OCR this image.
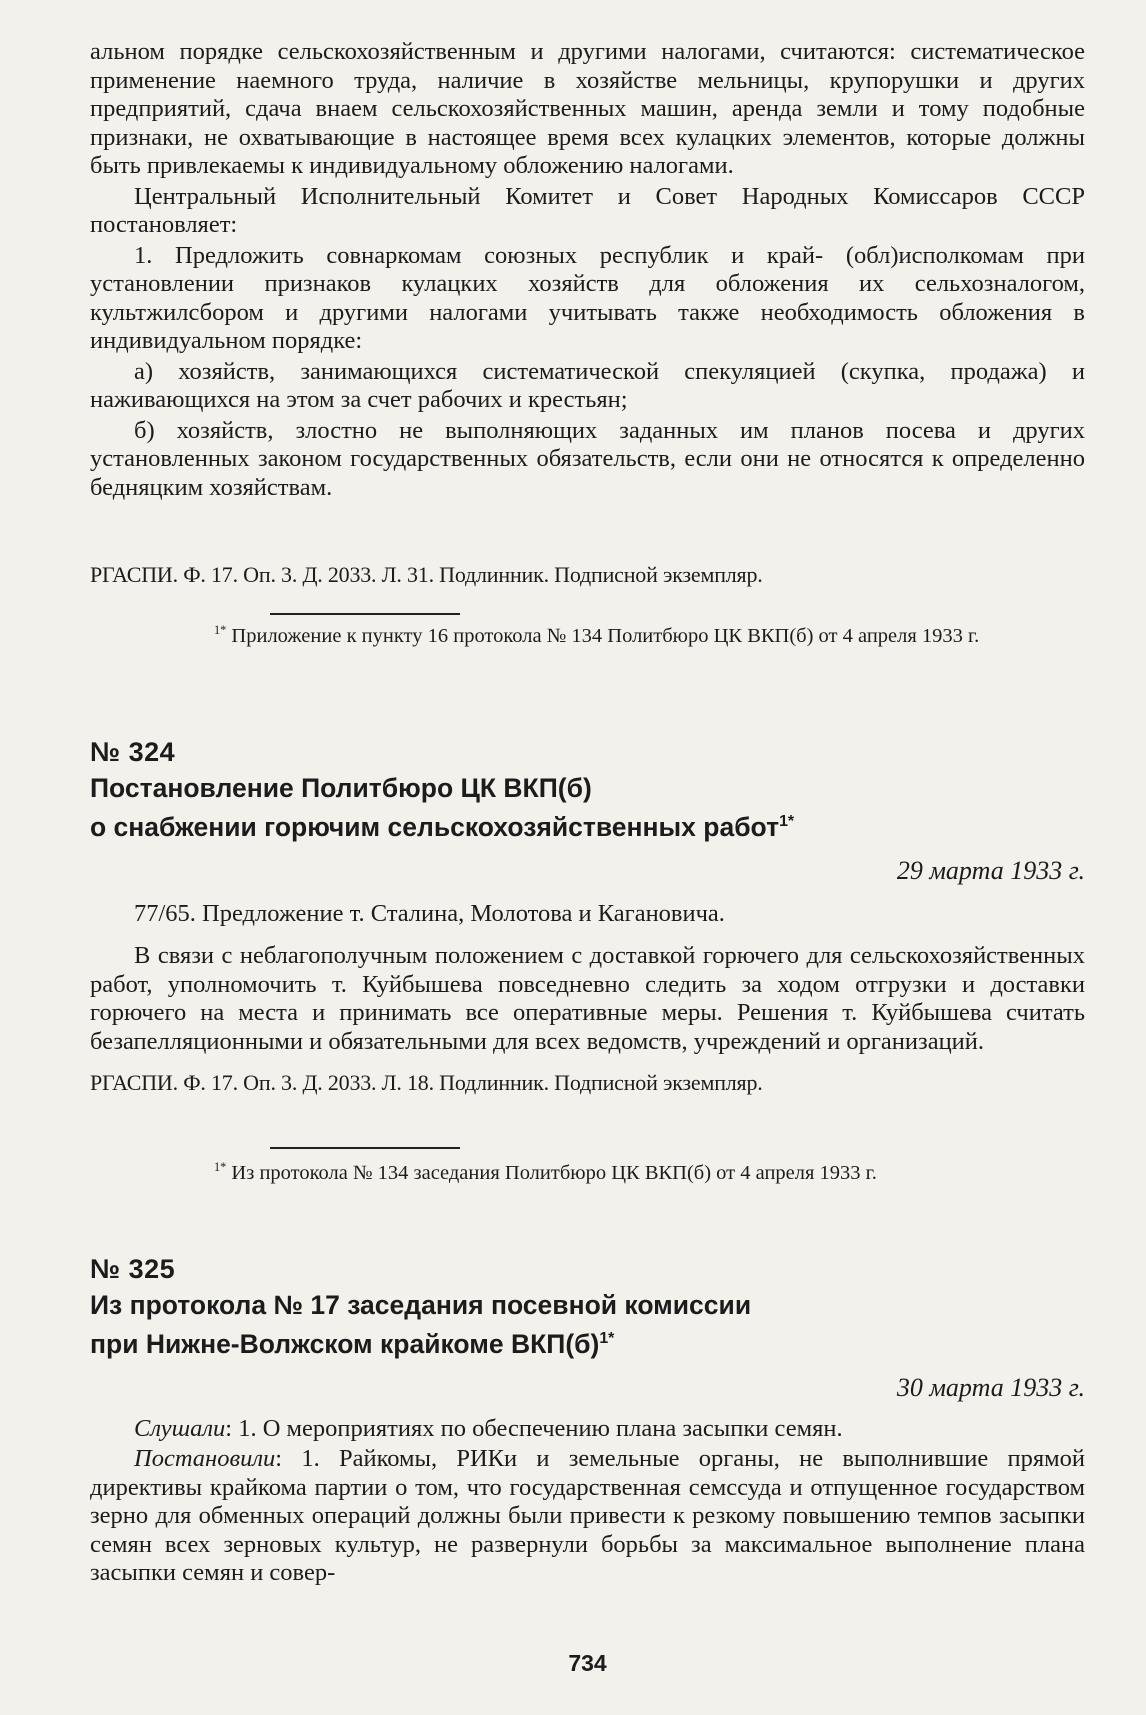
альном порядке сельскохозяйственным и другими налогами, считаются: систематическое применение наемного труда, наличие в хозяйстве мельницы, крупорушки и других предприятий, сдача внаем сельскохозяйственных машин, аренда земли и тому подобные признаки, не охватывающие в настоящее время всех кулацких элементов, которые должны быть привлекаемы к индивидуальному обложению налогами.

Центральный Исполнительный Комитет и Совет Народных Комиссаров СССР постановляет:

1. Предложить совнаркомам союзных республик и край- (обл)исполкомам при установлении признаков кулацких хозяйств для обложения их сельхозналогом, культжилсбором и другими налогами учитывать также необходимость обложения в индивидуальном порядке:

а) хозяйств, занимающихся систематической спекуляцией (скупка, продажа) и наживающихся на этом за счет рабочих и крестьян;

б) хозяйств, злостно не выполняющих заданных им планов посева и других установленных законом государственных обязательств, если они не относятся к определенно бедняцким хозяйствам.

РГАСПИ. Ф. 17. Оп. 3. Д. 2033. Л. 31. Подлинник. Подписной экземпляр.

$^{1*}$ Приложение к пункту 16 протокола № 134 Политбюро ЦК ВКП(б) от 4 апреля 1933 г.

№ 324

Постановление Политбюро ЦК ВКП(б)
о снабжении горючим сельскохозяйственных работ$^{1*}$

29 марта 1933 г.

77/65. Предложение т. Сталина, Молотова и Кагановича.

В связи с неблагополучным положением с доставкой горючего для сельскохозяйственных работ, уполномочить т. Куйбышева повседневно следить за ходом отгрузки и доставки горючего на места и принимать все оперативные меры. Решения т. Куйбышева считать безапелляционными и обязательными для всех ведомств, учреждений и организаций.

РГАСПИ. Ф. 17. Оп. 3. Д. 2033. Л. 18. Подлинник. Подписной экземпляр.

$^{1*}$ Из протокола № 134 заседания Политбюро ЦК ВКП(б) от 4 апреля 1933 г.

№ 325

Из протокола № 17 заседания посевной комиссии
при Нижне-Волжском крайкоме $ВКП(б)^{1*}$

30 марта 1933 г.

Слушали: 1. О мероприятиях по обеспечению плана засыпки семян.

Постановили: 1. Райкомы, РИКи и земельные органы, не выполнившие прямой директивы крайкома партии о том, что государственная семссуда и отпущенное государством зерно для обменных операций должны были привести к резкому повышению темпов засыпки семян всех зерновых культур, не развернули борьбы за максимальное выполнение плана засыпки семян и совер-

734
